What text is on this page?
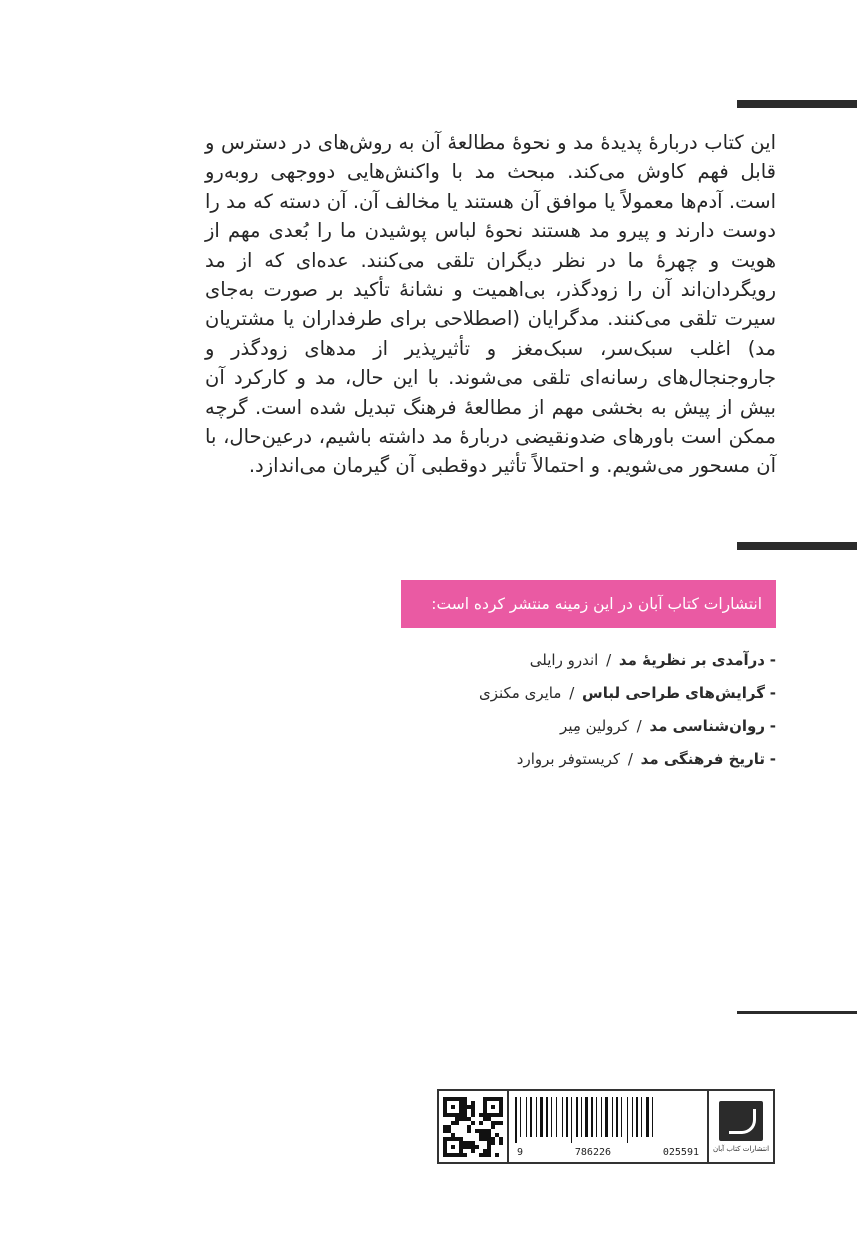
این کتاب دربارهٔ پدیدهٔ مد و نحوهٔ مطالعهٔ آن به روش‌های در دسترس و قابل فهم کاوش می‌کند. مبحث مد با واکنش‌هایی دووجهی روبه‌رو است. آدم‌ها معمولاً یا موافق آن هستند یا مخالف آن. آن دسته که مد را دوست دارند و پیرو مد هستند نحوهٔ لباس پوشیدن ما را بُعدی مهم از هویت و چهرهٔ ما در نظر دیگران تلقی می‌کنند. عده‌ای که از مد رویگردان‌اند آن را زودگذر، بی‌اهمیت و نشانهٔ تأکید بر صورت به‌جای سیرت تلقی می‌کنند. مدگرایان (اصطلاحی برای طرفداران یا مشتریان مد) اغلب سبک‌سر، سبک‌مغز و تأثیرپذیر از مدهای زودگذر و جاروجنجال‌های رسانه‌ای تلقی می‌شوند. با این حال، مد و کارکرد آن بیش از پیش به بخشی مهم از مطالعهٔ فرهنگ تبدیل شده است. گرچه ممکن است باورهای ضدونقیضی دربارهٔ مد داشته باشیم، درعین‌حال، با آن مسحور می‌شویم. و احتمالاً تأثیر دوقطبی آن گیرمان می‌اندازد.

انتشارات کتاب آبان در این زمینه منتشر کرده است:
- درآمدی بر نظریهٔ مد / اندرو رایلی
- گرایش‌های طراحی لباس / مایری مکنزی
- روان‌شناسی مد / کرولین مِیر
- تاریخ فرهنگی مد / کریستوفر بروارد
9	786226	025591 انتشارات کتاب آبان
